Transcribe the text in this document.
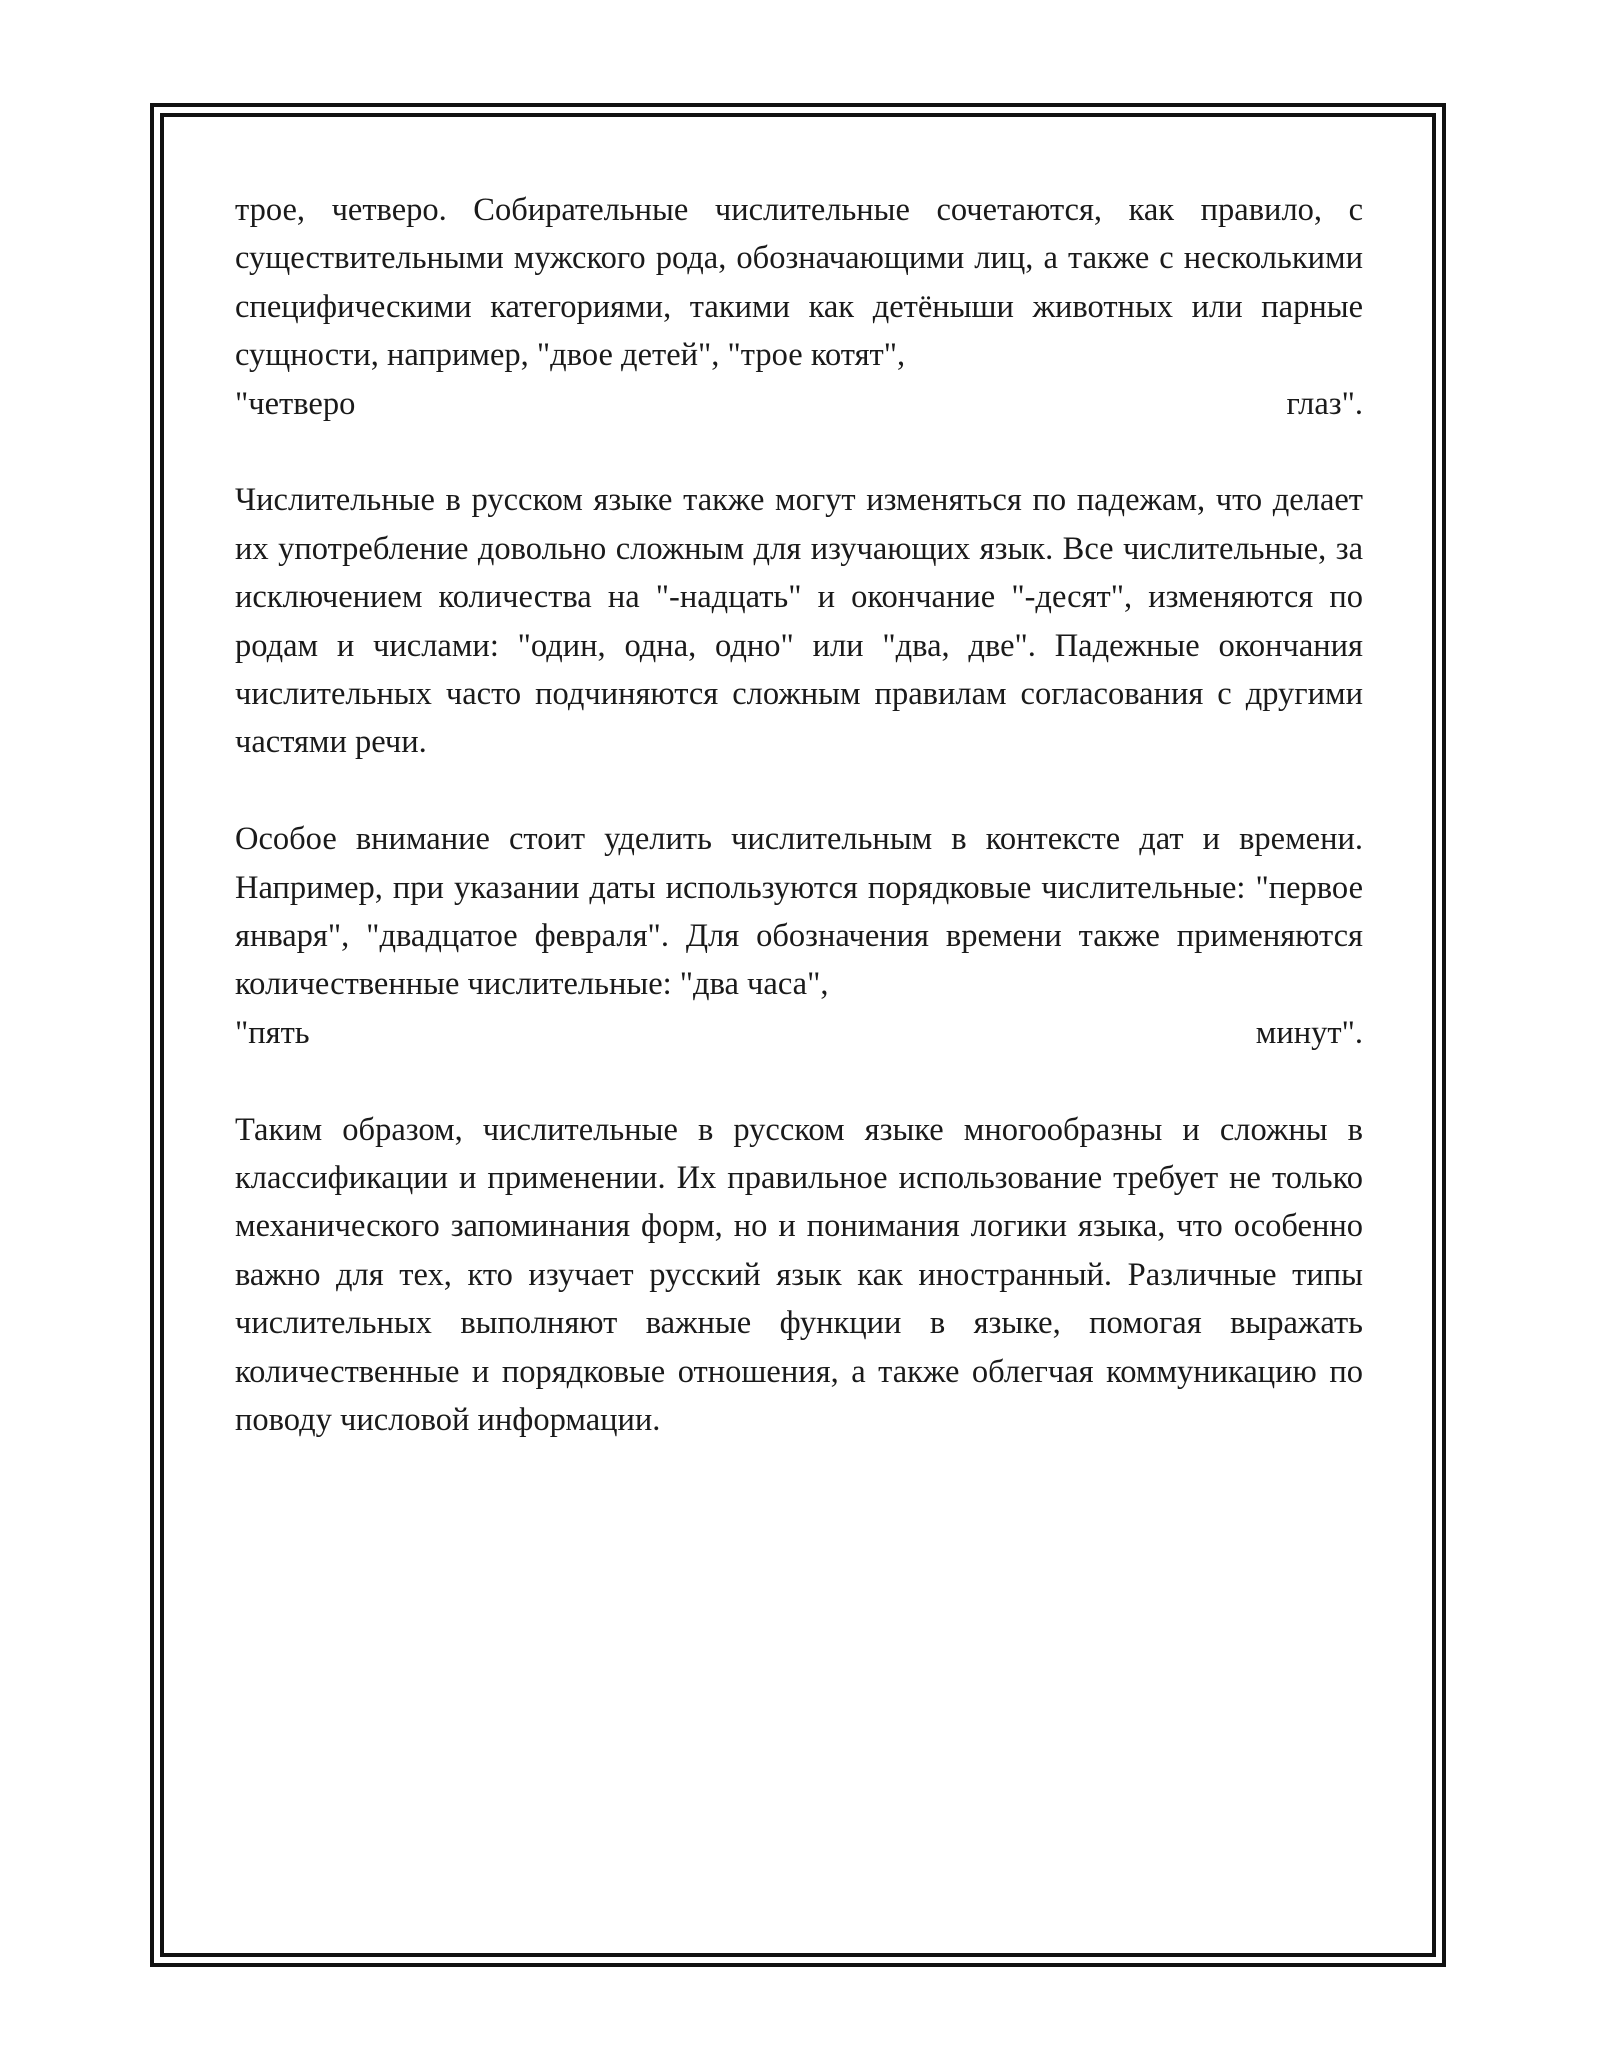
трое, четверо. Собирательные числительные сочетаются, как правило, с существительными мужского рода, обозначающими лиц, а также с несколькими специфическими категориями, такими как детёныши животных или парные сущности, например, "двое детей", "трое котят",

"четверо глаз".

Числительные в русском языке также могут изменяться по падежам, что делает их употребление довольно сложным для изучающих язык. Все числительные, за исключением количества на "-надцать" и окончание "-десят", изменяются по родам и числами: "один, одна, одно" или "два, две". Падежные окончания числительных часто подчиняются сложным правилам согласования с другими частями речи.

Особое внимание стоит уделить числительным в контексте дат и времени. Например, при указании даты используются порядковые числительные: "первое января", "двадцатое февраля". Для обозначения времени также применяются количественные числительные: "два часа",

"пять минут".

Таким образом, числительные в русском языке многообразны и сложны в классификации и применении. Их правильное использование требует не только механического запоминания форм, но и понимания логики языка, что особенно важно для тех, кто изучает русский язык как иностранный. Различные типы числительных выполняют важные функции в языке, помогая выражать количественные и порядковые отношения, а также облегчая коммуникацию по поводу числовой информации.
